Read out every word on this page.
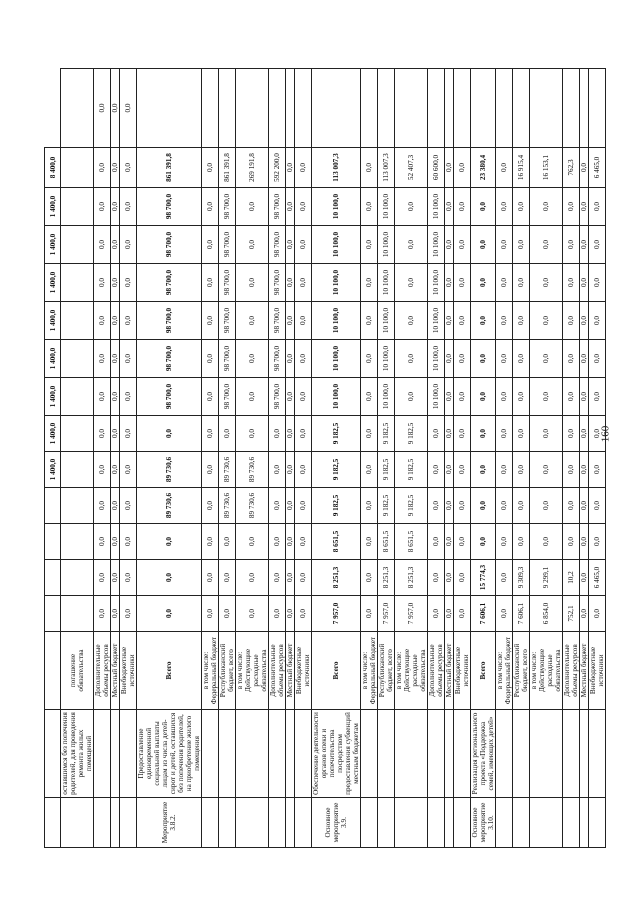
							1 400,0	1 400,0	1 400,0	1 400,0	1 400,0	1 400,0	1 400,0	1 400,0	8 400,0	
	оставшимся без попечения родителей, для проведения ремонта жилых помещений	погашение обязательства														
		Дополнительные объемы ресурсов	0,0	0,0	0,0	0,0	0,0	0,0	0,0	0,0	0,0	0,0	0,0	0,0	0,0	0,0
		Местный бюджет	0,0	0,0	0,0	0,0	0,0	0,0	0,0	0,0	0,0	0,0	0,0	0,0	0,0	0,0
		Внебюджетные источники	0,0	0,0	0,0	0,0	0,0	0,0	0,0	0,0	0,0	0,0	0,0	0,0	0,0	0,0
Мероприятие 3.8.2.	Предоставление единовременной социальной выплаты лицам из числа детей-сирот и детей, оставшихся без попечения родителей, на приобретение жилого помещения	Всего	0,0	0,0	0,0	89 730,6	89 730,6	0,0	98 700,0	98 700,0	98 700,0	98 700,0	98 700,0	98 700,0	861 391,8	
		в том числе: Федеральный бюджет	0,0	0,0	0,0	0,0	0,0	0,0	0,0	0,0	0,0	0,0	0,0	0,0	0,0	
		Республиканский бюджет, всего	0,0	0,0	0,0	89 730,6	89 730,6	0,0	98 700,0	98 700,0	98 700,0	98 700,0	98 700,0	98 700,0	861 391,8	
		в том числе: Действующие расходные обязательства	0,0	0,0	0,0	89 730,6	89 730,6	0,0	0,0	0,0	0,0	0,0	0,0	0,0	269 191,8	
		Дополнительные объемы ресурсов	0,0	0,0	0,0	0,0	0,0	0,0	98 700,0	98 700,0	98 700,0	98 700,0	98 700,0	98 700,0	592 200,0	
		Местный бюджет	0,0	0,0	0,0	0,0	0,0	0,0	0,0	0,0	0,0	0,0	0,0	0,0	0,0	
		Внебюджетные источники	0,0	0,0	0,0	0,0	0,0	0,0	0,0	0,0	0,0	0,0	0,0	0,0	0,0	
Основное мероприятие 3.9.	Обеспечение деятельности органов опеки и попечительства посредством предоставления субвенций местным бюджетам	Всего	7 957,0	8 251,3	8 651,5	9 182,5	9 182,5	9 182,5	10 100,0	10 100,0	10 100,0	10 100,0	10 100,0	10 100,0	113 007,3	
		в том числе: Федеральный бюджет	0,0	0,0	0,0	0,0	0,0	0,0	0,0	0,0	0,0	0,0	0,0	0,0	0,0	
		Республиканский бюджет, всего	7 957,0	8 251,3	8 651,5	9 182,5	9 182,5	9 182,5	10 100,0	10 100,0	10 100,0	10 100,0	10 100,0	10 100,0	113 007,3	
		в том числе: Действующие расходные обязательства	7 957,0	8 251,3	8 651,5	9 182,5	9 182,5	9 182,5	0,0	0,0	0,0	0,0	0,0	0,0	52 407,3	
		Дополнительные объемы ресурсов	0,0	0,0	0,0	0,0	0,0	0,0	10 100,0	10 100,0	10 100,0	10 100,0	10 100,0	10 100,0	60 600,0	
		Местный бюджет	0,0	0,0	0,0	0,0	0,0	0,0	0,0	0,0	0,0	0,0	0,0	0,0	0,0	
		Внебюджетные источники	0,0	0,0	0,0	0,0	0,0	0,0	0,0	0,0	0,0	0,0	0,0	0,0	0,0	
Основное мероприятие 3.10.	Реализация регионального проекта «Поддержка семей, имеющих детей»	Всего	7 606,1	15 774,3	0,0	0,0	0,0	0,0	0,0	0,0	0,0	0,0	0,0	0,0	23 380,4	
		в том числе: Федеральный бюджет	0,0	0,0	0,0	0,0	0,0	0,0	0,0	0,0	0,0	0,0	0,0	0,0	0,0	
		Республиканский бюджет, всего	7 606,1	9 309,3	0,0	0,0	0,0	0,0	0,0	0,0	0,0	0,0	0,0	0,0	16 915,4	
		в том числе: Действующие расходные обязательства	6 854,0	9 299,1	0,0	0,0	0,0	0,0	0,0	0,0	0,0	0,0	0,0	0,0	16 153,1	
		Дополнительные объемы ресурсов	752,1	10,2	0,0	0,0	0,0	0,0	0,0	0,0	0,0	0,0	0,0	0,0	762,3	
		Местный бюджет	0,0	0,0	0,0	0,0	0,0	0,0	0,0	0,0	0,0	0,0	0,0	0,0	0,0	
		Внебюджетные источники	0,0	6 465,0	0,0	0,0	0,0	0,0	0,0	0,0	0,0	0,0	0,0	0,0	6 465,0	
160
